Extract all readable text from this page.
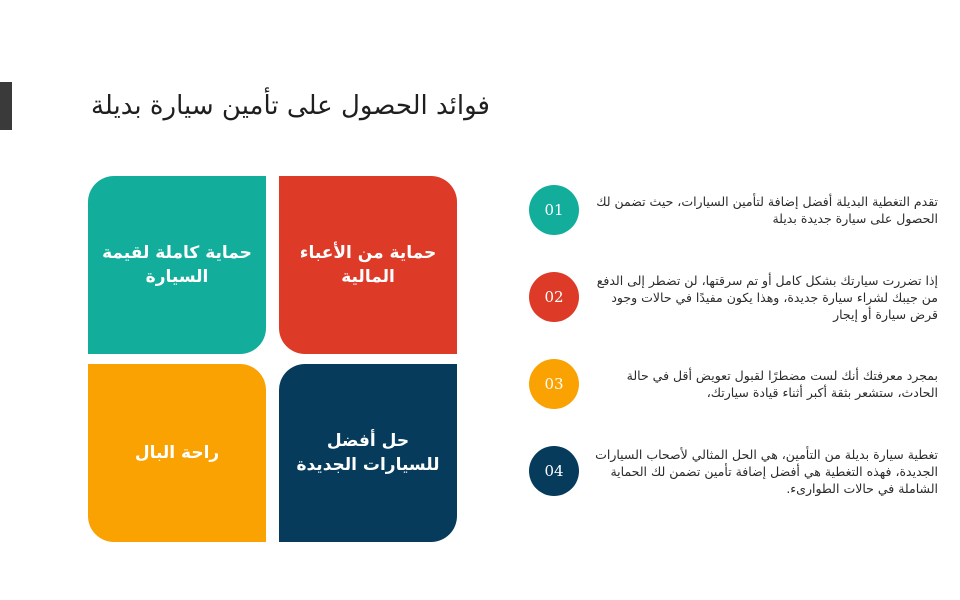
فوائد الحصول على تأمين سيارة بديلة
حماية كاملة لقيمة السيارة
حماية من الأعباء المالية
راحة البال
حل أفضل للسيارات الجديدة
01	تقدم التغطية البديلة أفضل إضافة لتأمين السيارات، حيث تضمن لك الحصول على سيارة جديدة بديلة
02
إذا تضررت سيارتك بشكل كامل أو تم سرقتها، لن تضطر إلى الدفع من جيبك لشراء سيارة جديدة، وهذا يكون مفيدًا في حالات وجود قرض سيارة أو إيجار
03	بمجرد معرفتك أنك لست مضطرًا لقبول تعويض أقل في حالة الحادث، ستشعر بثقة أكبر أثناء قيادة سيارتك،
04
تغطية سيارة بديلة من التأمين، هي الحل المثالي لأصحاب السيارات الجديدة، فهذه التغطية هي أفضل إضافة تأمين تضمن لك الحماية الشاملة في حالات الطوارىء.
